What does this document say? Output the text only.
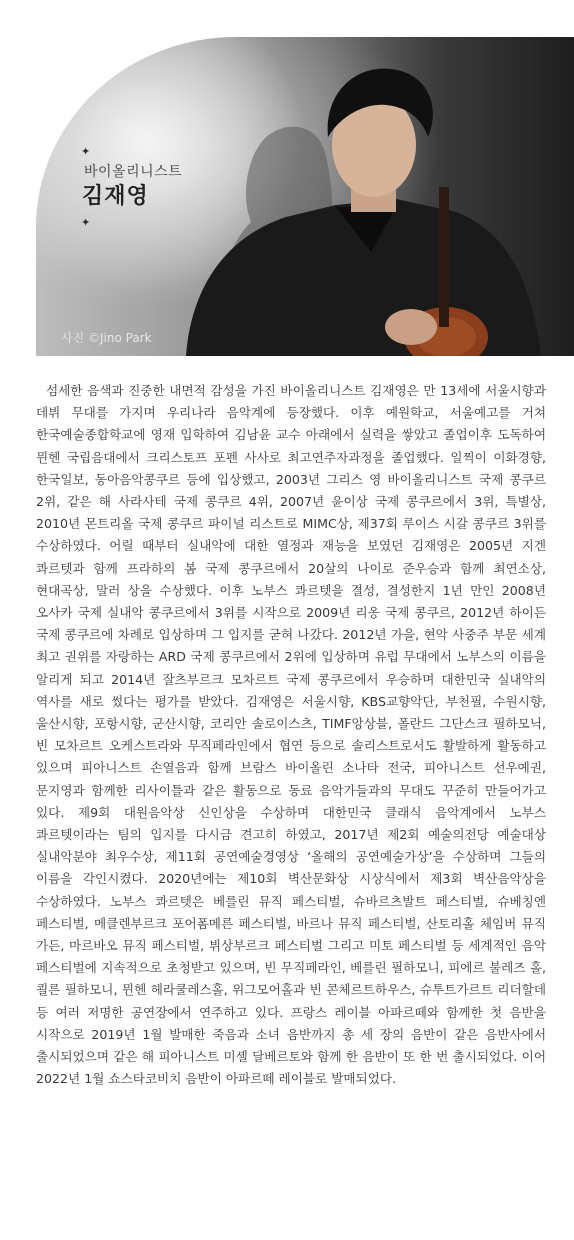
✦
바이올리니스트
김재영
✦
사진 ©Jino Park

섬세한 음색과 진중한 내면적 감성을 가진 바이올리니스트 김재영은 만 13세에 서울시향과 데뷔 무대를 가지며 우리나라 음악계에 등장했다. 이후 예원학교, 서울예고를 거쳐 한국예술종합학교에 영재 입학하여 김남윤 교수 아래에서 실력을 쌓았고 졸업이후 도독하여 뮌헨 국립음대에서 크리스토프 포펜 사사로 최고연주자과정을 졸업했다. 일찍이 이화경향, 한국일보, 동아음악콩쿠르 등에 입상했고, 2003년 그리스 영 바이올리니스트 국제 콩쿠르 2위, 같은 해 사라사테 국제 콩쿠르 4위, 2007년 윤이상 국제 콩쿠르에서 3위, 특별상, 2010년 몬트리올 국제 콩쿠르 파이널 리스트로 MIMC상, 제37회 루이스 시갈 콩쿠르 3위를 수상하였다. 어릴 때부터 실내악에 대한 열정과 재능을 보였던 김재영은 2005년 지겐 콰르텟과 함께 프라하의 봄 국제 콩쿠르에서 20살의 나이로 준우승과 함께 최연소상, 현대곡상, 말러 상을 수상했다. 이후 노부스 콰르텟을 결성, 결성한지 1년 만인 2008년 오사카 국제 실내악 콩쿠르에서 3위를 시작으로 2009년 리옹 국제 콩쿠르, 2012년 하이든 국제 콩쿠르에 차례로 입상하며 그 입지를 굳혀 나갔다. 2012년 가을, 현악 사중주 부문 세계 최고 권위를 자랑하는 ARD 국제 콩쿠르에서 2위에 입상하며 유럽 무대에서 노부스의 이름을 알리게 되고 2014년 잘츠부르크 모차르트 국제 콩쿠르에서 우승하며 대한민국 실내악의 역사를 새로 썼다는 평가를 받았다. 김재영은 서울시향, KBS교향악단, 부천필, 수원시향, 울산시향, 포항시향, 군산시향, 코리안 솔로이스츠, TIMF앙상블, 폴란드 그단스크 필하모닉, 빈 모차르트 오케스트라와 무직페라인에서 협연 등으로 솔리스트로서도 활발하게 활동하고 있으며 피아니스트 손열음과 함께 브람스 바이올린 소나타 전국, 피아니스트 선우예권, 문지영과 함께한 리사이틀과 같은 활동으로 동료 음악가들과의 무대도 꾸준히 만들어가고 있다. 제9회 대원음악상 신인상을 수상하며 대한민국 클래식 음악계에서 노부스 콰르텟이라는 팀의 입지를 다시금 견고히 하였고, 2017년 제2회 예술의전당 예술대상 실내악분야 최우수상, 제11회 공연예술경영상 ‘올해의 공연예술가상’을 수상하며 그들의 이름을 각인시켰다. 2020년에는 제10회 벽산문화상 시상식에서 제3회 벽산음악상을 수상하였다. 노부스 콰르텟은 베를린 뮤직 페스티벌, 슈바르츠발트 페스티벌, 슈베칭엔 페스티벌, 메클렌부르크 포어폼메른 페스티벌, 바르나 뮤직 페스티벌, 산토리홀 체임버 뮤직 가든, 마르바오 뮤직 페스티벌, 뷔상부르크 페스티벌 그리고 미토 페스티벌 등 세계적인 음악 페스티벌에 지속적으로 초청받고 있으며, 빈 무직페라인, 베를린 필하모니, 피에르 불레즈 홀, 쾰른 필하모니, 뮌헨 헤라쿨레스홀, 위그모어홀과 빈 콘체르트하우스, 슈투트가르트 리더할데 등 여러 저명한 공연장에서 연주하고 있다. 프랑스 레이블 아파르떼와 함께한 첫 음반을 시작으로 2019년 1월 발매한 죽음과 소녀 음반까지 총 세 장의 음반이 같은 음반사에서 출시되었으며 같은 해 피아니스트 미셸 달베르토와 함께 한 음반이 또 한 번 출시되었다. 이어 2022년 1월 쇼스타코비치 음반이 아파르떼 레이블로 발매되었다.
